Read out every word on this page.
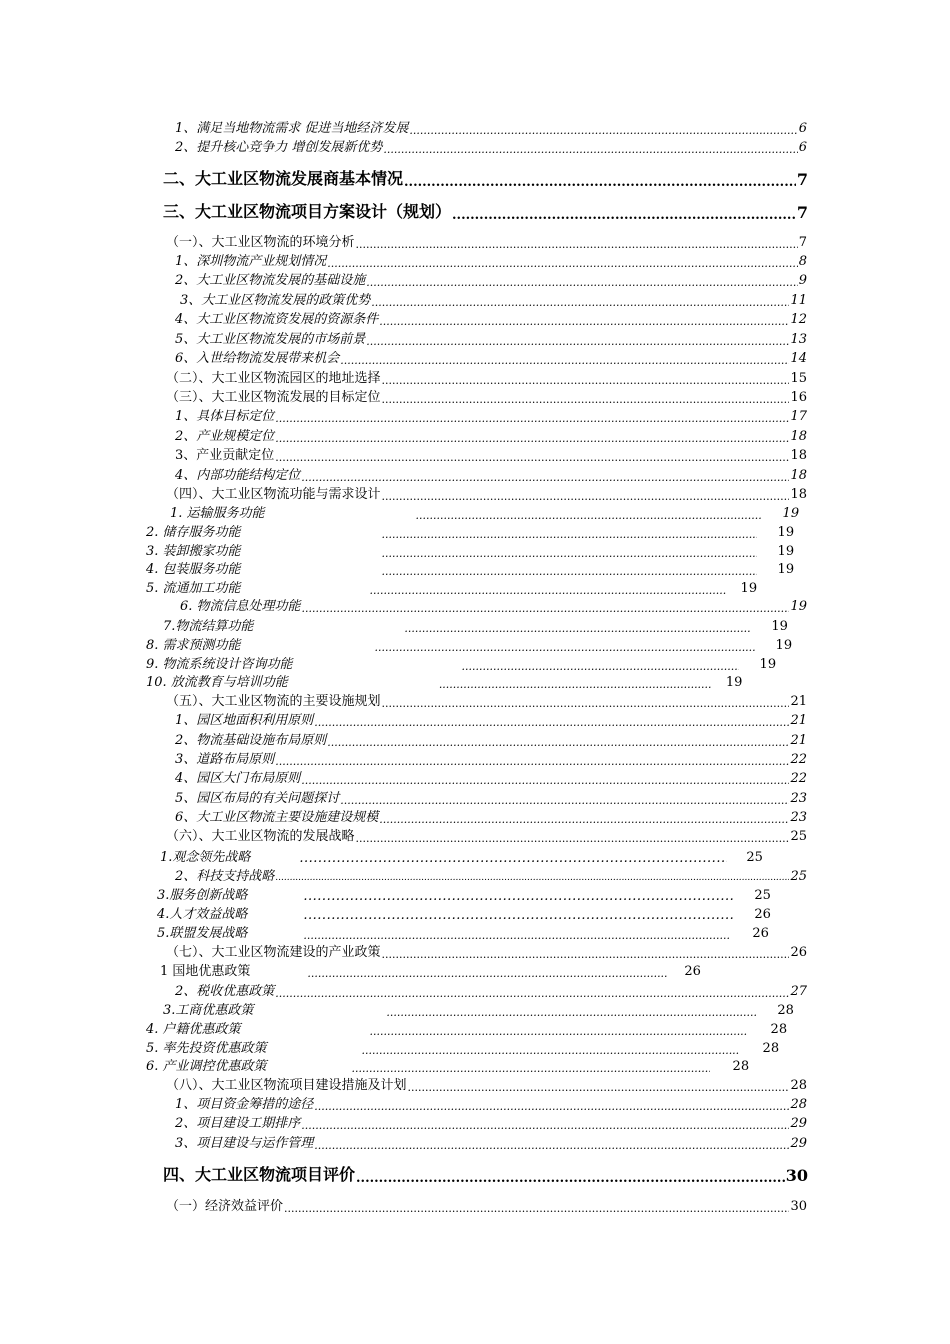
1、满足当地物流需求 促进当地经济发展 .....	6
2、提升核心竞争力 增创发展新优势 .....	6
二、大工业区物流发展商基本情况 .....	7
三、大工业区物流项目方案设计（规划） .....	7
（一）、大工业区物流的环境分析 .....	7
1、深圳物流产业规划情况 .....	8
2、大工业区物流发展的基础设施 .....	9
3、大工业区物流发展的政策优势 .....	11
4、大工业区物流资发展的资源条件 .....	12
5、大工业区物流发展的市场前景 .....	13
6、入世给物流发展带来机会 .....	14
（二）、大工业区物流园区的地址选择 .....	15
（三）、大工业区物流发展的目标定位 .....	16
1、具体目标定位 .....	17
2、产业规模定位 .....	18
3、产业贡献定位 .....	18
4、内部功能结构定位 .....	18
（四）、大工业区物流功能与需求设计 .....	18
1. 运输服务功能 .....	19
2. 储存服务功能 .....	19
3. 装卸搬家功能 .....	19
4. 包装服务功能 .....	19
5. 流通加工功能 .....	19
6. 物流信息处理功能 .....	19
7.物流结算功能 .....	19
8. 需求预测功能 .....	19
9. 物流系统设计咨询功能 .....	19
10. 放流教育与培训功能 .....	19
（五）、大工业区物流的主要设施规划 .....	21
1、园区地面积利用原则 .....	21
2、物流基础设施布局原则 .....	21
3、道路布局原则 .....	22
4、园区大门布局原则 .....	22
5、园区布局的有关问题探讨 .....	23
6、大工业区物流主要设施建设规模 .....	23
（六）、大工业区物流的发展战略 .....	25
1.观念领先战略 .....	25
2、科技支持战略 .....	25
3.服务创新战略 .....	25
4.人才效益战略 .....	26
5.联盟发展战略 .....	26
（七）、大工业区物流建设的产业政策 .....	26
1 国地优惠政策 .....	26
2、税收优惠政策 .....	27
3.工商优惠政策 .....	28
4. 户籍优惠政策 .....	28
5. 率先投资优惠政策 .....	28
6. 产业调控优惠政策 .....	28
（八）、大工业区物流项目建设措施及计划 .....	28
1、项目资金筹措的途径 .....	28
2、项目建设工期排序 .....	29
3、项目建设与运作管理 .....	29
四、大工业区物流项目评价 .....	30
（一）经济效益评价 .....	30
